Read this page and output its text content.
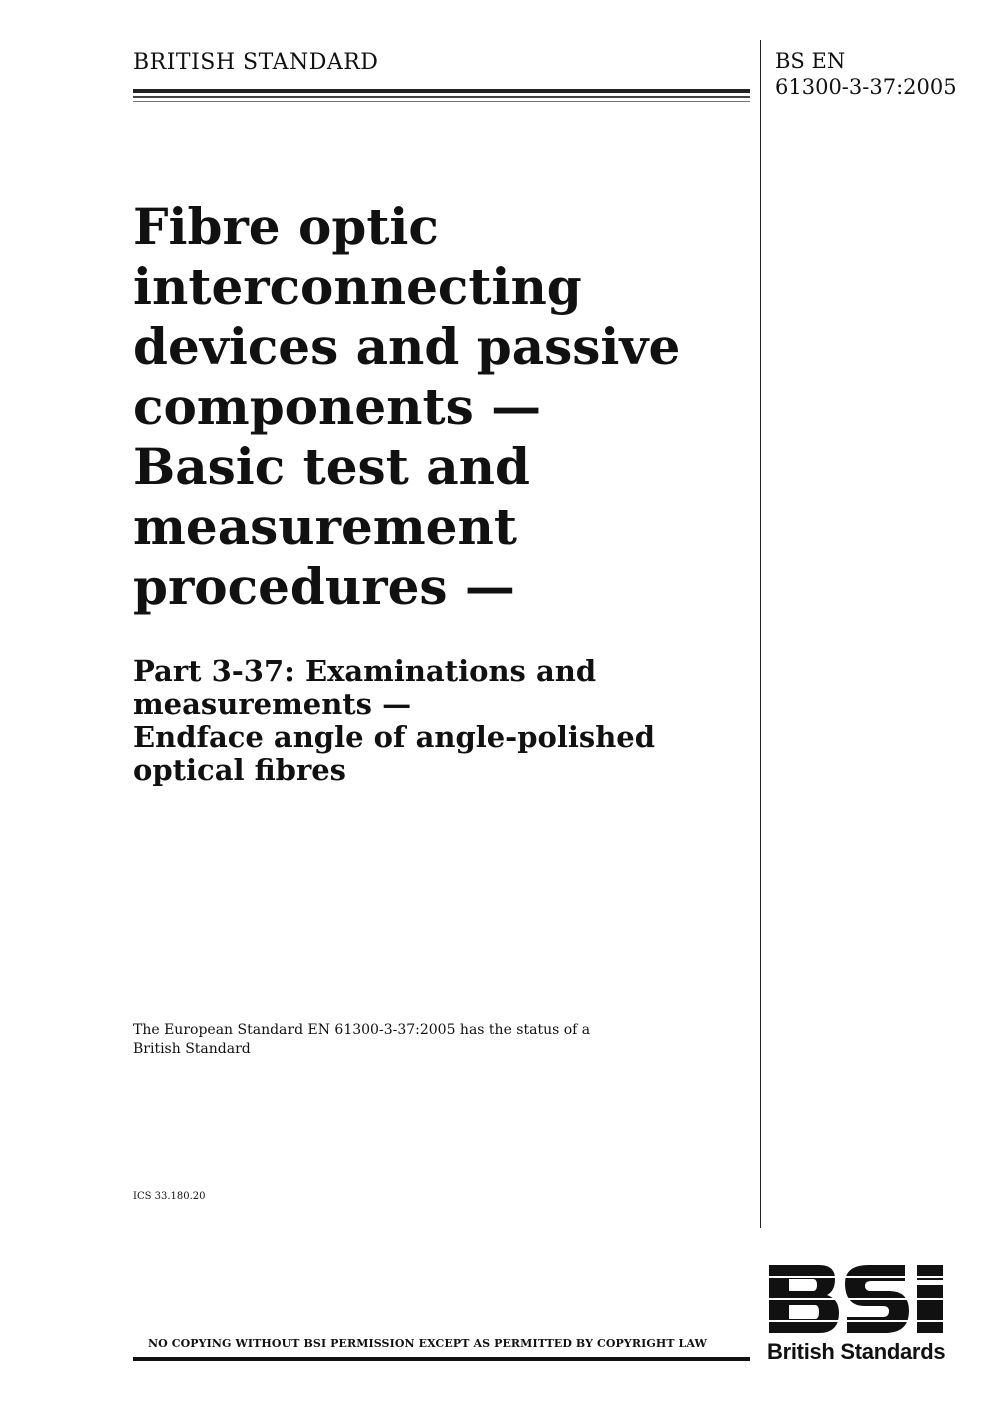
BRITISH STANDARD	BS EN
61300-3-37:2005
Fibre optic
interconnecting
devices and passive
components —
Basic test and
measurement
procedures —
Part 3-37: Examinations and
measurements —
Endface angle of angle-polished
optical fibres
The European Standard EN 61300-3-37:2005 has the status of a
British Standard
ICS 33.180.20
NO COPYING WITHOUT BSI PERMISSION EXCEPT AS PERMITTED BY COPYRIGHT LAW	British Standards
